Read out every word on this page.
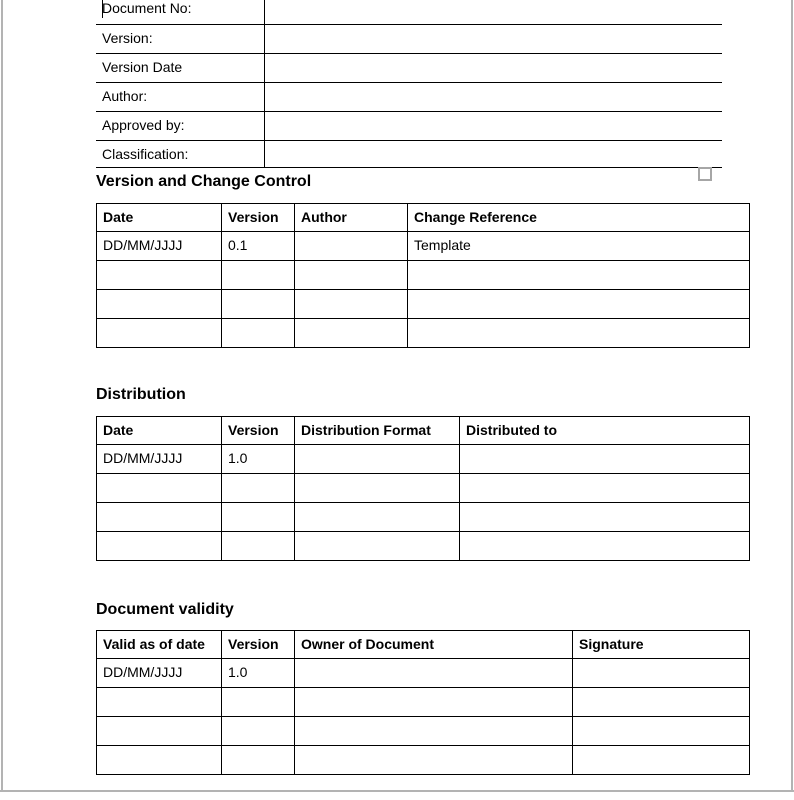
Document No:	
Version:	
Version Date	
Author:	
Approved by:	
Classification:	
Version and Change Control
Date	Version	Author	Change Reference
DD/MM/JJJJ	0.1		Template

Distribution
Date	Version	Distribution Format	Distributed to
DD/MM/JJJJ	1.0		

Document validity
Valid as of date	Version	Owner of Document	Signature
DD/MM/JJJJ	1.0		
